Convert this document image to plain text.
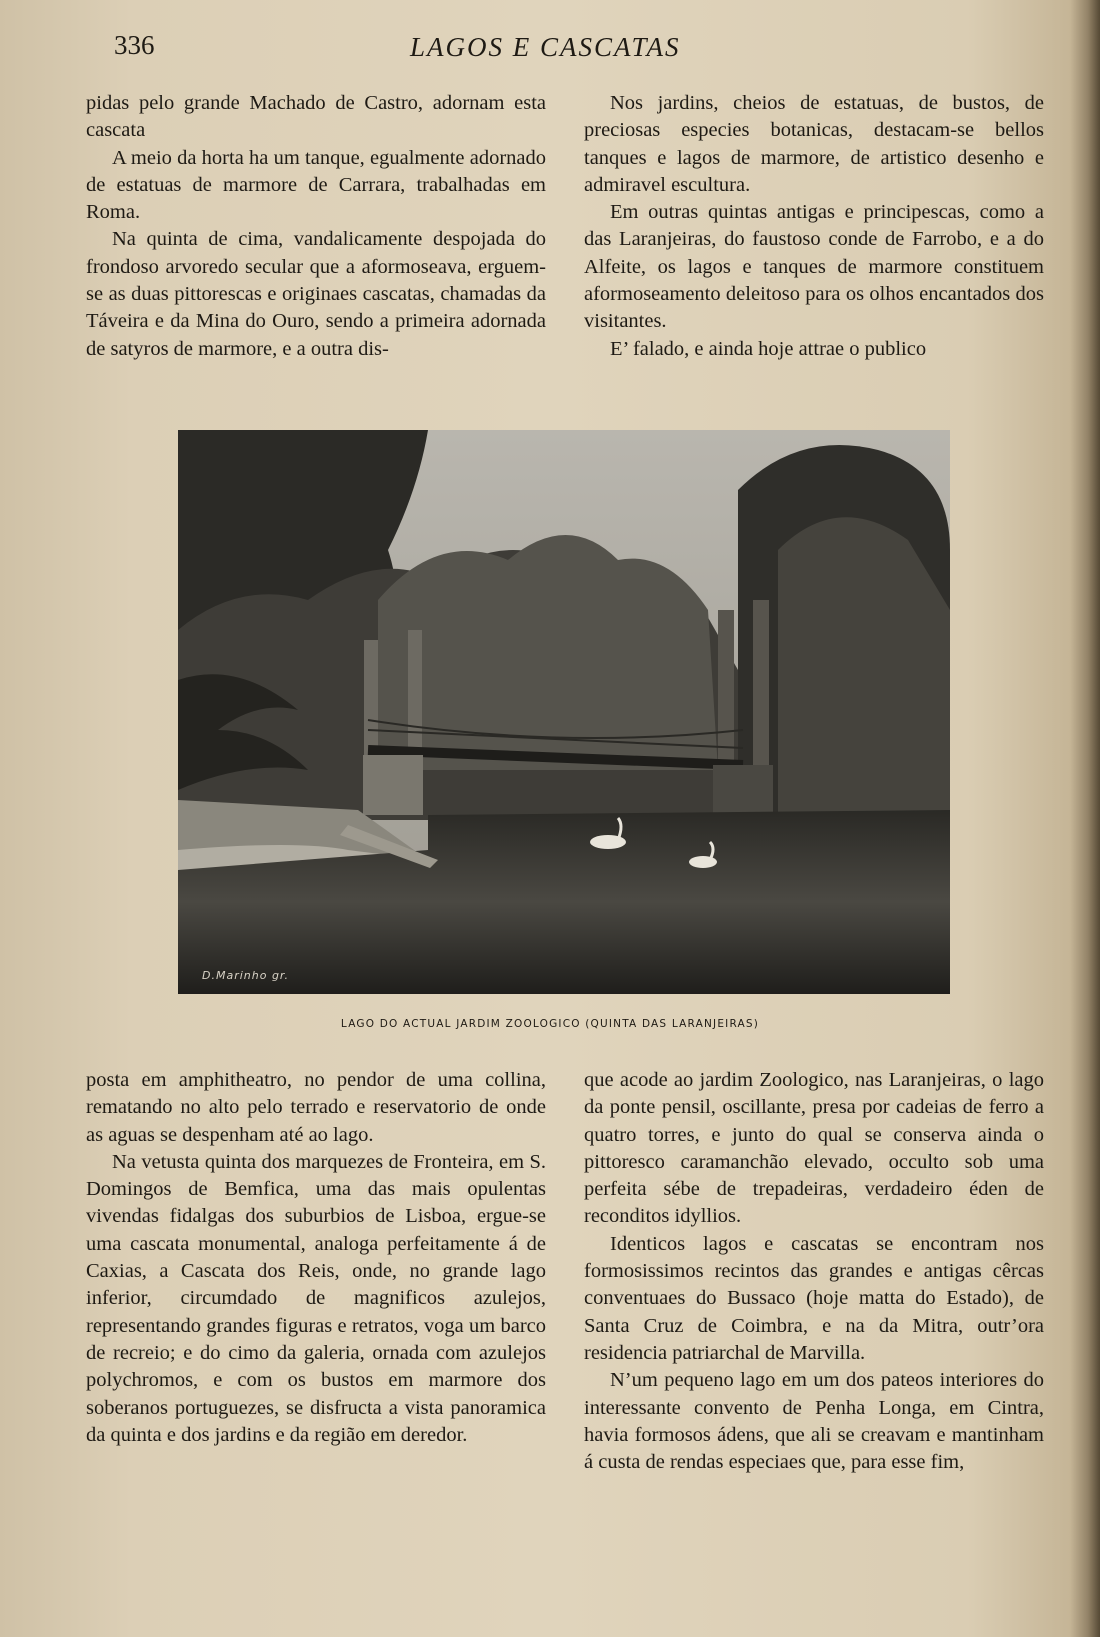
336	LAGOS E CASCATAS

pidas pelo grande Machado de Castro, adornam esta cascata

A meio da horta ha um tanque, egualmente adornado de estatuas de marmore de Carrara, trabalhadas em Roma.

Na quinta de cima, vandalicamente despojada do frondoso arvoredo secular que a aformoseava, erguem-se as duas pittorescas e originaes cascatas, chamadas da Táveira e da Mina do Ouro, sendo a primeira adornada de satyros de marmore, e a outra dis-

Nos jardins, cheios de estatuas, de bustos, de preciosas especies botanicas, destacam-se bellos tanques e lagos de marmore, de artistico desenho e admiravel escultura.

Em outras quintas antigas e principescas, como a das Laranjeiras, do faustoso conde de Farrobo, e a do Alfeite, os lagos e tanques de marmore constituem aformoseamento deleitoso para os olhos encantados dos visitantes.

E’ falado, e ainda hoje attrae o publico

D.Marinho gr.
LAGO DO ACTUAL JARDIM ZOOLOGICO (QUINTA DAS LARANJEIRAS)

posta em amphitheatro, no pendor de uma collina, rematando no alto pelo terrado e reservatorio de onde as aguas se despenham até ao lago.

Na vetusta quinta dos marquezes de Fronteira, em S. Domingos de Bemfica, uma das mais opulentas vivendas fidalgas dos suburbios de Lisboa, ergue-se uma cascata monumental, analoga perfeitamente á de Caxias, a Cascata dos Reis, onde, no grande lago inferior, circumdado de magnificos azulejos, representando grandes figuras e retratos, voga um barco de recreio; e do cimo da galeria, ornada com azulejos polychromos, e com os bustos em marmore dos soberanos portuguezes, se disfructa a vista panoramica da quinta e dos jardins e da região em deredor.

que acode ao jardim Zoologico, nas Laranjeiras, o lago da ponte pensil, oscillante, presa por cadeias de ferro a quatro torres, e junto do qual se conserva ainda o pittoresco caramanchão elevado, occulto sob uma perfeita sébe de trepadeiras, verdadeiro éden de reconditos idyllios.

Identicos lagos e cascatas se encontram nos formosissimos recintos das grandes e antigas cêrcas conventuaes do Bussaco (hoje matta do Estado), de Santa Cruz de Coimbra, e na da Mitra, outr’ora residencia patriarchal de Marvilla.

N’um pequeno lago em um dos pateos interiores do interessante convento de Penha Longa, em Cintra, havia formosos ádens, que ali se creavam e mantinham á custa de rendas especiaes que, para esse fim,
